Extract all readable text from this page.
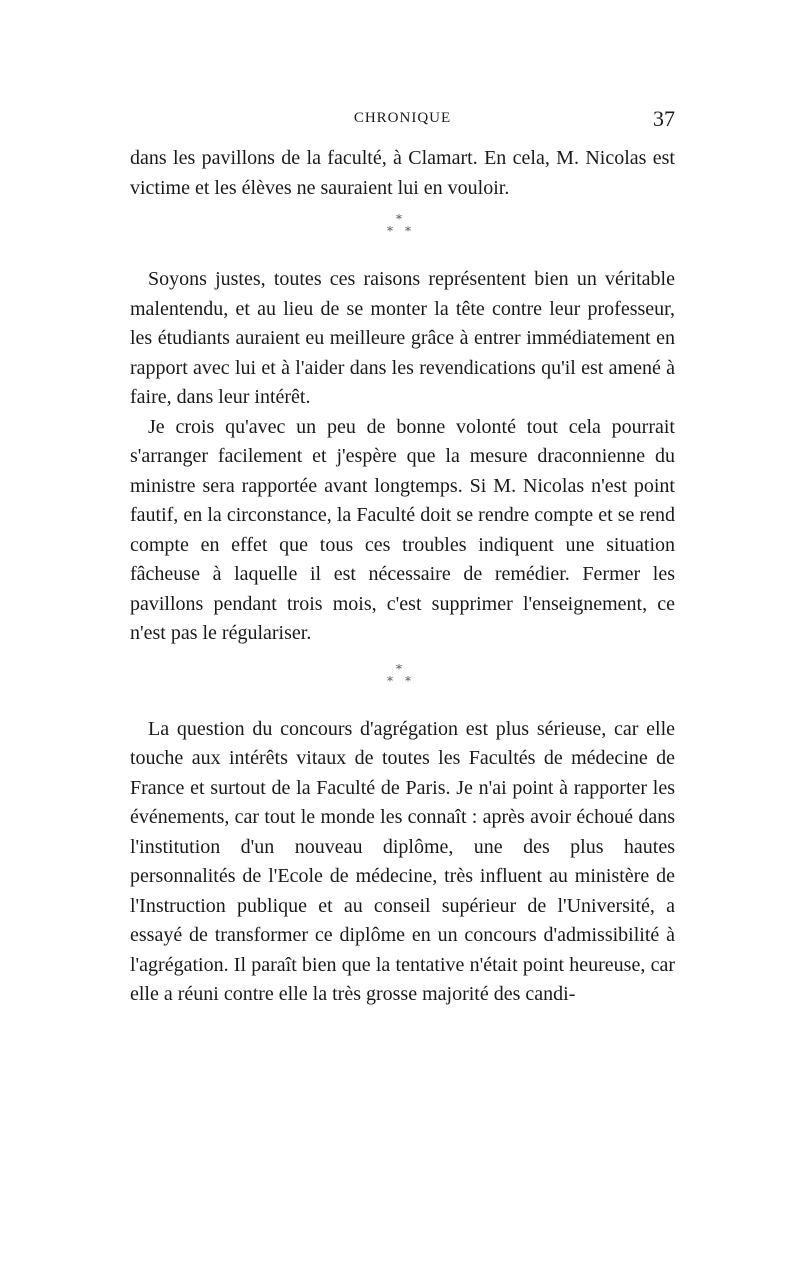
CHRONIQUE	37

dans les pavillons de la faculté, à Clamart. En cela, M. Nicolas est victime et les élèves ne sauraient lui en vouloir.

*
* *

Soyons justes, toutes ces raisons représentent bien un véritable malentendu, et au lieu de se monter la tête contre leur professeur, les étudiants auraient eu meilleure grâce à entrer immédiatement en rapport avec lui et à l'aider dans les revendications qu'il est amené à faire, dans leur intérêt.

Je crois qu'avec un peu de bonne volonté tout cela pourrait s'arranger facilement et j'espère que la mesure draconnienne du ministre sera rapportée avant longtemps. Si M. Nicolas n'est point fautif, en la circonstance, la Faculté doit se rendre compte et se rend compte en effet que tous ces troubles indiquent une situation fâcheuse à laquelle il est nécessaire de remédier. Fermer les pavillons pendant trois mois, c'est supprimer l'enseignement, ce n'est pas le régulariser.

*
* *

La question du concours d'agrégation est plus sérieuse, car elle touche aux intérêts vitaux de toutes les Facultés de médecine de France et surtout de la Faculté de Paris. Je n'ai point à rapporter les événements, car tout le monde les connaît : après avoir échoué dans l'institution d'un nouveau diplôme, une des plus hautes personnalités de l'Ecole de médecine, très influent au ministère de l'Instruction publique et au conseil supérieur de l'Université, a essayé de transformer ce diplôme en un concours d'admissibilité à l'agrégation. Il paraît bien que la tentative n'était point heureuse, car elle a réuni contre elle la très grosse majorité des candi-
